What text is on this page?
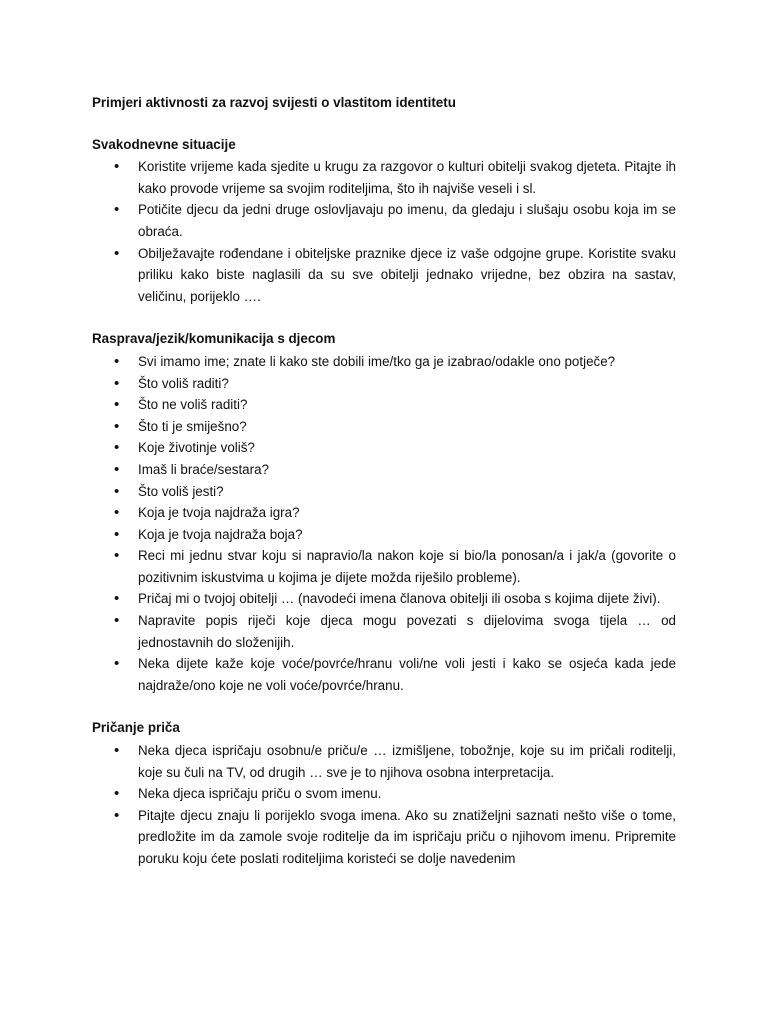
Primjeri aktivnosti za razvoj svijesti o vlastitom identitetu

Svakodnevne situacije

• Koristite vrijeme kada sjedite u krugu za razgovor o kulturi obitelji svakog djeteta. Pitajte ih kako provode vrijeme sa svojim roditeljima, što ih najviše veseli i sl.
• Potičite djecu da jedni druge oslovljavaju po imenu, da gledaju i slušaju osobu koja im se obraća.
• Obilježavajte rođendane i obiteljske praznike djece iz vaše odgojne grupe. Koristite svaku priliku kako biste naglasili da su sve obitelji jednako vrijedne, bez obzira na sastav, veličinu, porijeklo ….

Rasprava/jezik/komunikacija s djecom

• Svi imamo ime; znate li kako ste dobili ime/tko ga je izabrao/odakle ono potječe?
• Što voliš raditi?
• Što ne voliš raditi?
• Što ti je smiješno?
• Koje životinje voliš?
• Imaš li braće/sestara?
• Što voliš jesti?
• Koja je tvoja najdraža igra?
• Koja je tvoja najdraža boja?
• Reci mi jednu stvar koju si napravio/la nakon koje si bio/la ponosan/a i jak/a (govorite o pozitivnim iskustvima u kojima je dijete možda riješilo probleme).
• Pričaj mi o tvojoj obitelji … (navodeći imena članova obitelji ili osoba s kojima dijete živi).
• Napravite popis riječi koje djeca mogu povezati s dijelovima svoga tijela … od jednostavnih do složenijih.
• Neka dijete kaže koje voće/povrće/hranu voli/ne voli jesti i kako se osjeća kada jede najdraže/ono koje ne voli voće/povrće/hranu.

Pričanje priča

• Neka djeca ispričaju osobnu/e priču/e … izmišljene, tobožnje, koje su im pričali roditelji, koje su čuli na TV, od drugih … sve je to njihova osobna interpretacija.
• Neka djeca ispričaju priču o svom imenu.
• Pitajte djecu znaju li porijeklo svoga imena. Ako su znatiželjni saznati nešto više o tome, predložite im da zamole svoje roditelje da im ispričaju priču o njihovom imenu. Pripremite poruku koju ćete poslati roditeljima koristeći se dolje navedenim
